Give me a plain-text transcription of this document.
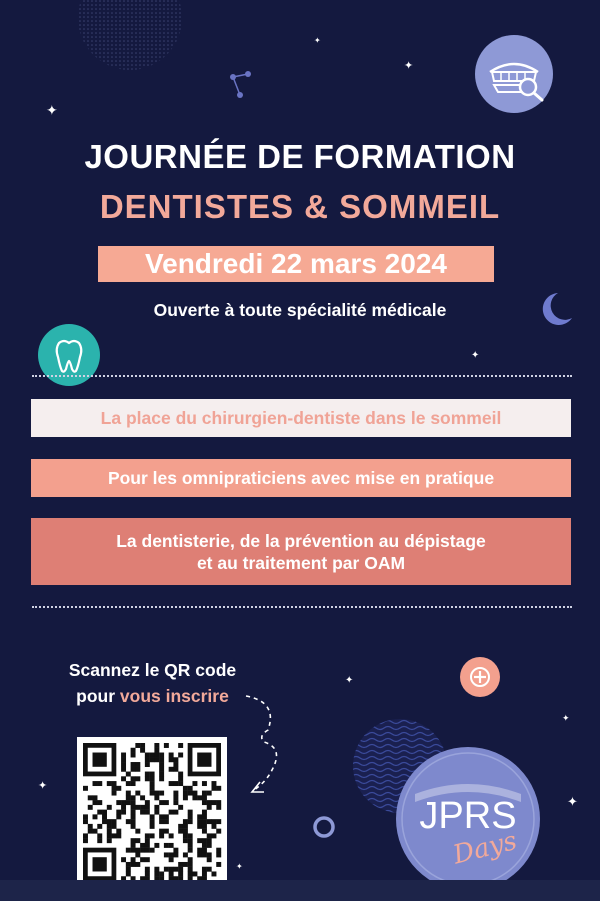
✦
✦
✦
✦
✦
✦
✦
✦
✦
JOURNÉE DE FORMATION
DENTISTES & SOMMEIL
Vendredi 22 mars 2024
Ouverte à toute spécialité médicale
La place du chirurgien-dentiste dans le sommeil
Pour les omnipraticiens avec mise en pratique
La dentisterie, de la prévention au dépistage
et au traitement par OAM
Scannez le QR code
pour vous inscrire
JPRS
Days
